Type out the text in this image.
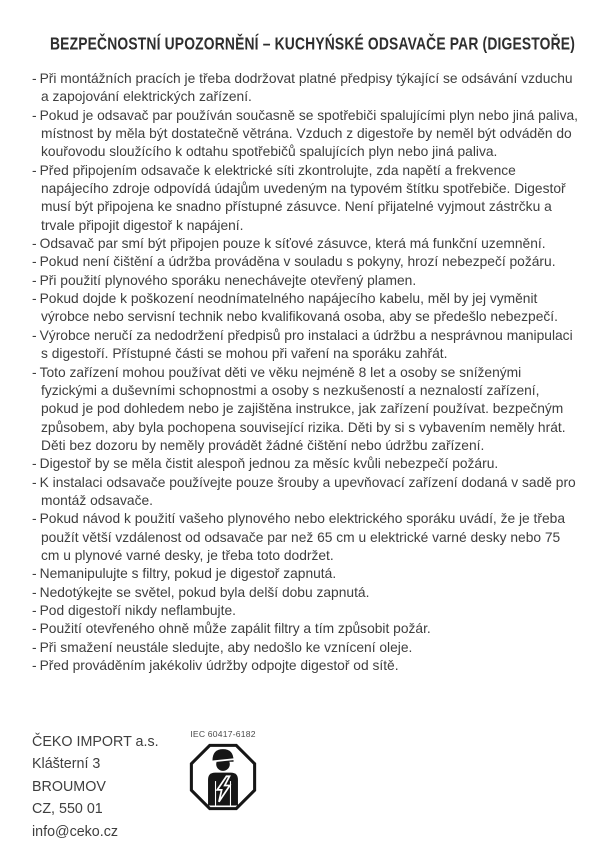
BEZPEČNOSTNÍ UPOZORNĚNÍ – KUCHYŃSKÉ ODSAVAČE PAR (DIGESTOŘE)
- Při montážních pracích je třeba dodržovat platné předpisy týkající se odsávání vzduchu a zapojování elektrických zařízení.
- Pokud je odsavač par používán současně se spotřebiči spalujícími plyn nebo jiná paliva, místnost by měla být dostatečně větrána. Vzduch z digestoře by neměl být odváděn do kouřovodu sloužícího k odtahu spotřebičů spalujících plyn nebo jiná paliva.
- Před připojením odsavače k elektrické síti zkontrolujte, zda napětí a frekvence napájecího zdroje odpovídá údajům uvedeným na typovém štítku spotřebiče. Digestoř musí být připojena ke snadno přístupné zásuvce. Není přijatelné vyjmout zástrčku a trvale připojit digestoř k napájení.
- Odsavač par smí být připojen pouze k síťové zásuvce, která má funkční uzemnění.
- Pokud není čištění a údržba prováděna v souladu s pokyny, hrozí nebezpečí požáru.
- Při použití plynového sporáku nenechávejte otevřený plamen.
- Pokud dojde k poškození neodnímatelného napájecího kabelu, měl by jej vyměnit výrobce nebo servisní technik nebo kvalifikovaná osoba, aby se předešlo nebezpečí.
- Výrobce neručí za nedodržení předpisů pro instalaci a údržbu a nesprávnou manipulaci s digestoří. Přístupné části se mohou při vaření na sporáku zahřát.
- Toto zařízení mohou používat děti ve věku nejméně 8 let a osoby se sníženými fyzickými a duševními schopnostmi a osoby s nezkušeností a neznalostí zařízení, pokud je pod dohledem nebo je zajištěna instrukce, jak zařízení používat. bezpečným způsobem, aby byla pochopena související rizika. Děti by si s vybavením neměly hrát. Děti bez dozoru by neměly provádět žádné čištění nebo údržbu zařízení.
- Digestoř by se měla čistit alespoň jednou za měsíc kvůli nebezpečí požáru.
- K instalaci odsavače používejte pouze šrouby a upevňovací zařízení dodaná v sadě pro montáž odsavače.
- Pokud návod k použití vašeho plynového nebo elektrického sporáku uvádí, že je třeba použít větší vzdálenost od odsavače par než 65 cm u elektrické varné desky nebo 75 cm u plynové varné desky, je třeba toto dodržet.
- Nemanipulujte s filtry, pokud je digestoř zapnutá.
- Nedotýkejte se světel, pokud byla delší dobu zapnutá.
- Pod digestoří nikdy neflambujte.
- Použití otevřeného ohně může zapálit filtry a tím způsobit požár.
- Při smažení neustále sledujte, aby nedošlo ke vznícení oleje.
- Před prováděním jakékoliv údržby odpojte digestoř od sítě.
ČEKO IMPORT a.s.
Klášterní 3
BROUMOV
CZ, 550 01
info@ceko.cz
IEC 60417-6182
